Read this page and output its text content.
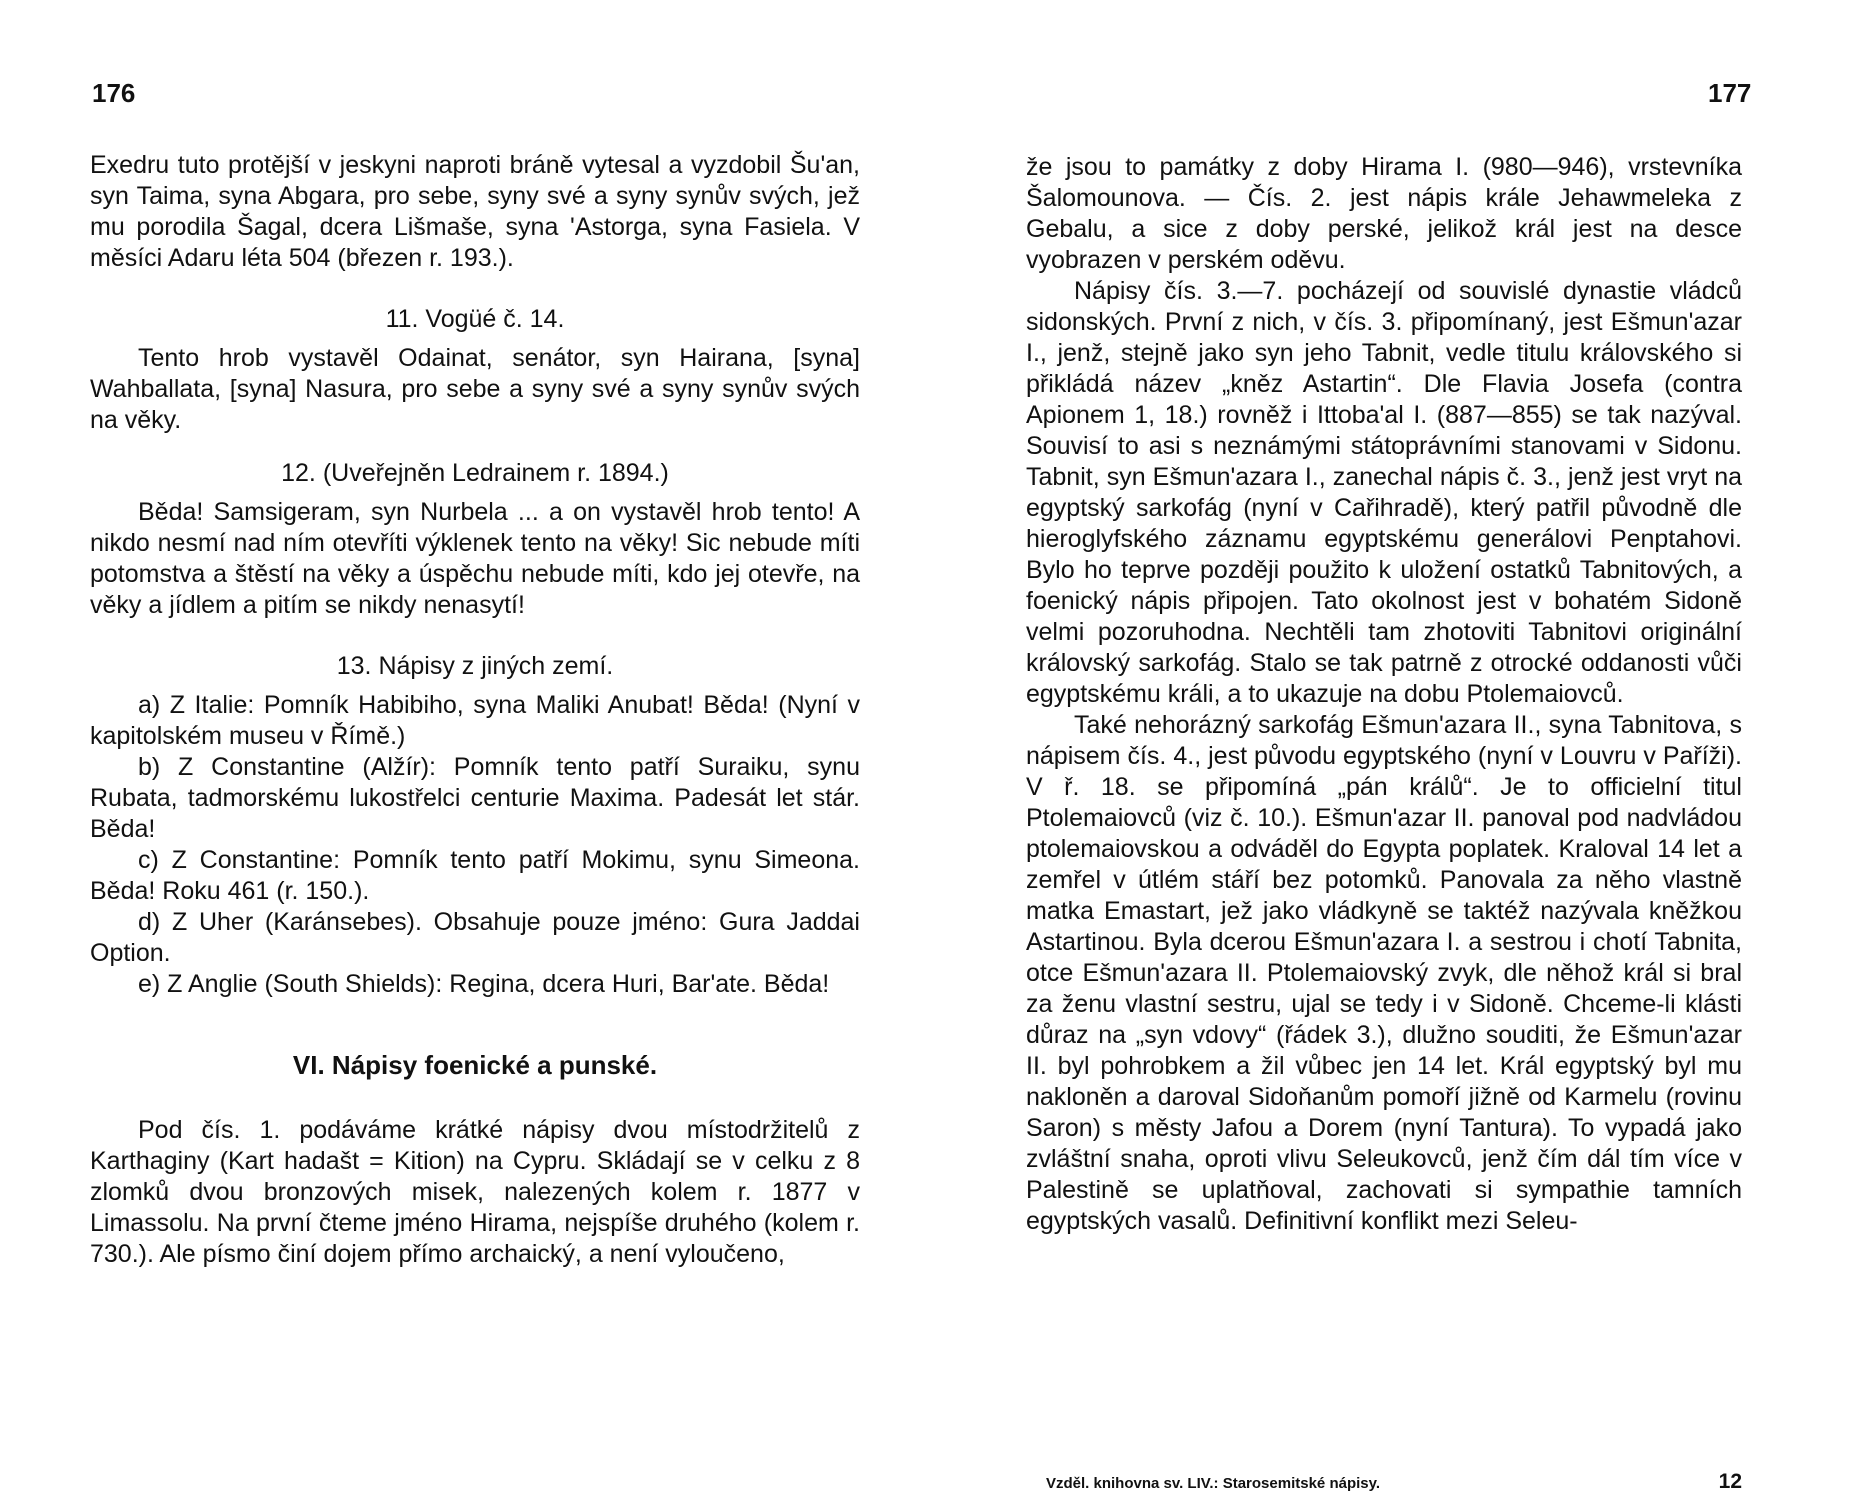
176

Exedru tuto protější v jeskyni naproti bráně vytesal a vyzdobil Šu'an, syn Taima, syna Abgara, pro sebe, syny své a syny synův svých, jež mu porodila Šagal, dcera Lišmaše, syna 'Astorga, syna Fasiela. V měsíci Adaru léta 504 (březen r. 193.).

11. Vogüé č. 14.

Tento hrob vystavěl Odainat, senátor, syn Hairana, [syna] Wahballata, [syna] Nasura, pro sebe a syny své a syny synův svých na věky.

12. (Uveřejněn Ledrainem r. 1894.)

Běda! Samsigeram, syn Nurbela ... a on vystavěl hrob tento! A nikdo nesmí nad ním otevříti výklenek tento na věky! Sic nebude míti potomstva a štěstí na věky a úspěchu nebude míti, kdo jej otevře, na věky a jídlem a pitím se nikdy nenasytí!

13. Nápisy z jiných zemí.

a) Z Italie: Pomník Habibiho, syna Maliki Anubat! Běda! (Nyní v kapitolském museu v Římě.)

b) Z Constantine (Alžír): Pomník tento patří Suraiku, synu Rubata, tadmorskému lukostřelci centurie Maxima. Padesát let stár. Běda!

c) Z Constantine: Pomník tento patří Mokimu, synu Simeona. Běda! Roku 461 (r. 150.).

d) Z Uher (Karánsebes). Obsahuje pouze jméno: Gura Jaddai Option.

e) Z Anglie (South Shields): Regina, dcera Huri, Bar'ate. Běda!

VI. Nápisy foenické a punské.

Pod čís. 1. podáváme krátké nápisy dvou místodržitelů z Karthaginy (Kart hadašt = Kition) na Cypru. Skládají se v celku z 8 zlomků dvou bronzových misek, nalezených kolem r. 1877 v Limassolu. Na první čteme jméno Hirama, nejspíše druhého (kolem r. 730.). Ale písmo činí dojem přímo archaický, a není vyloučeno,

177

že jsou to památky z doby Hirama I. (980—946), vrstevníka Šalomounova. — Čís. 2. jest nápis krále Jehawmeleka z Gebalu, a sice z doby perské, jelikož král jest na desce vyobrazen v perském oděvu.

Nápisy čís. 3.—7. pocházejí od souvislé dynastie vládců sidonských. První z nich, v čís. 3. připomínaný, jest Ešmun'azar I., jenž, stejně jako syn jeho Tabnit, vedle titulu královského si přikládá název „kněz Astartin“. Dle Flavia Josefa (contra Apionem 1, 18.) rovněž i Ittoba'al I. (887—855) se tak nazýval. Souvisí to asi s neznámými státoprávními stanovami v Sidonu. Tabnit, syn Ešmun'azara I., zanechal nápis č. 3., jenž jest vryt na egyptský sarkofág (nyní v Cařihradě), který patřil původně dle hieroglyfského záznamu egyptskému generálovi Penptahovi. Bylo ho teprve později použito k uložení ostatků Tabnitových, a foenický nápis připojen. Tato okolnost jest v bohatém Sidoně velmi pozoruhodna. Nechtěli tam zhotoviti Tabnitovi originální královský sarkofág. Stalo se tak patrně z otrocké oddanosti vůči egyptskému králi, a to ukazuje na dobu Ptolemaiovců.

Také nehorázný sarkofág Ešmun'azara II., syna Tabnitova, s nápisem čís. 4., jest původu egyptského (nyní v Louvru v Paříži). V ř. 18. se připomíná „pán králů“. Je to officielní titul Ptolemaiovců (viz č. 10.). Ešmun'azar II. panoval pod nadvládou ptolemaiovskou a odváděl do Egypta poplatek. Kraloval 14 let a zemřel v útlém stáří bez potomků. Panovala za něho vlastně matka Emastart, jež jako vládkyně se taktéž nazývala kněžkou Astartinou. Byla dcerou Ešmun'azara I. a sestrou i chotí Tabnita, otce Ešmun'azara II. Ptolemaiovský zvyk, dle něhož král si bral za ženu vlastní sestru, ujal se tedy i v Sidoně. Chceme-li klásti důraz na „syn vdovy“ (řádek 3.), dlužno souditi, že Ešmun'azar II. byl pohrobkem a žil vůbec jen 14 let. Král egyptský byl mu nakloněn a daroval Sidoňanům pomoří jižně od Karmelu (rovinu Saron) s městy Jafou a Dorem (nyní Tantura). To vypadá jako zvláštní snaha, oproti vlivu Seleukovců, jenž čím dál tím více v Palestině se uplatňoval, zachovati si sympathie tamních egyptských vasalů. Definitivní konflikt mezi Seleu-

Vzděl. knihovna sv. LIV.: Starosemitské nápisy.	12
